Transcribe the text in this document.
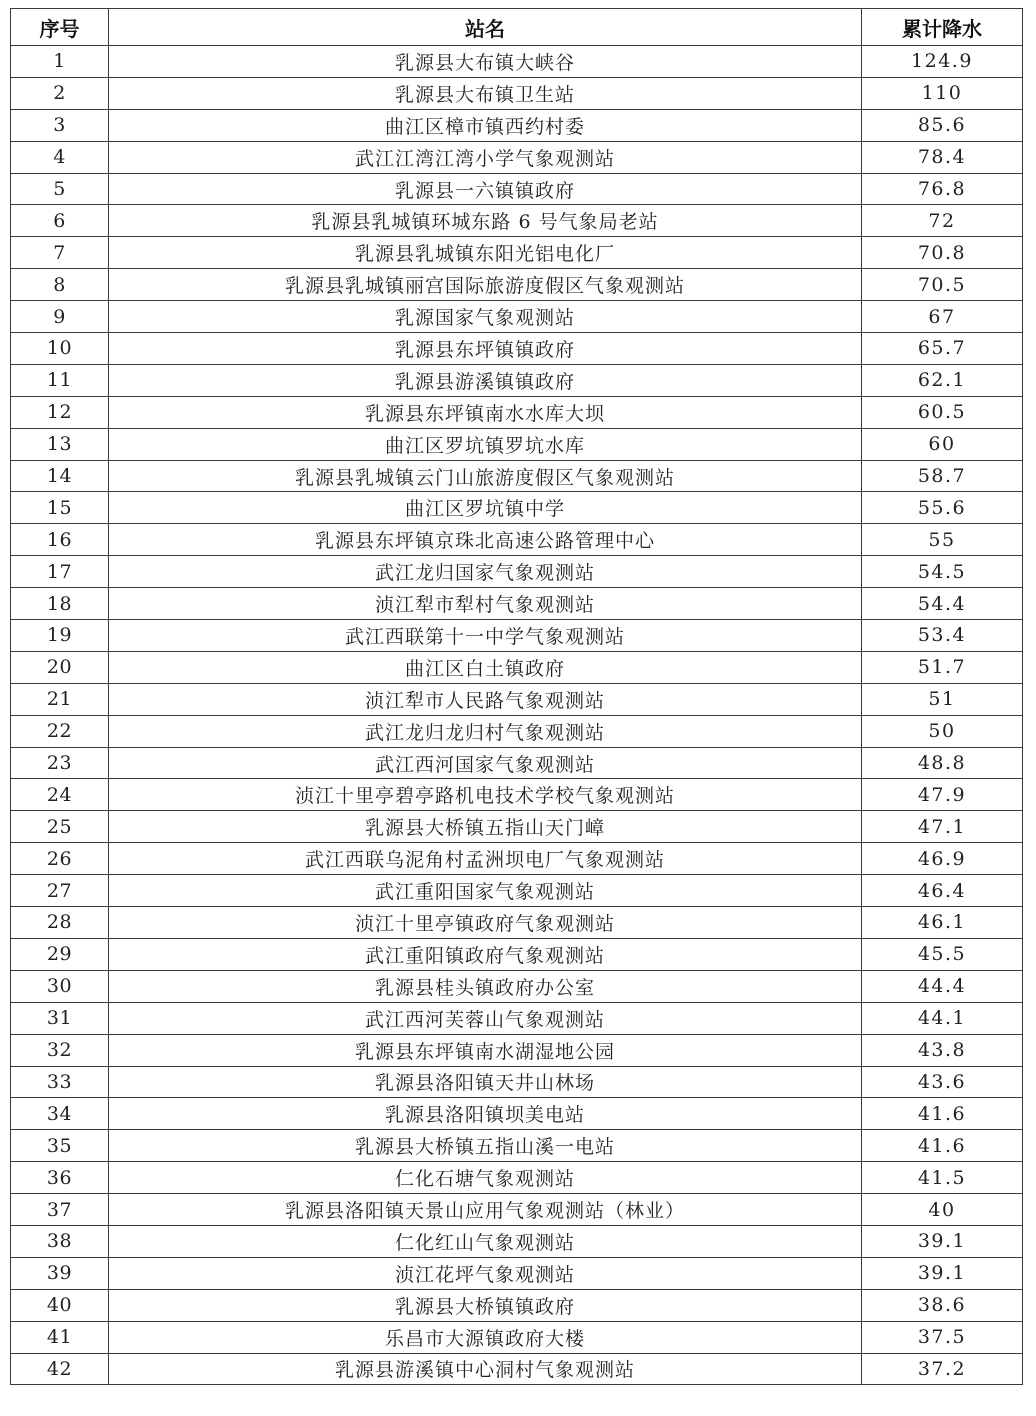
序号	站名	累计降水
1	乳源县大布镇大峡谷	124.9
2	乳源县大布镇卫生站	110
3	曲江区樟市镇西约村委	85.6
4	武江江湾江湾小学气象观测站	78.4
5	乳源县一六镇镇政府	76.8
6	乳源县乳城镇环城东路 6 号气象局老站	72
7	乳源县乳城镇东阳光铝电化厂	70.8
8	乳源县乳城镇丽宫国际旅游度假区气象观测站	70.5
9	乳源国家气象观测站	67
10	乳源县东坪镇镇政府	65.7
11	乳源县游溪镇镇政府	62.1
12	乳源县东坪镇南水水库大坝	60.5
13	曲江区罗坑镇罗坑水库	60
14	乳源县乳城镇云门山旅游度假区气象观测站	58.7
15	曲江区罗坑镇中学	55.6
16	乳源县东坪镇京珠北高速公路管理中心	55
17	武江龙归国家气象观测站	54.5
18	浈江犁市犁村气象观测站	54.4
19	武江西联第十一中学气象观测站	53.4
20	曲江区白土镇政府	51.7
21	浈江犁市人民路气象观测站	51
22	武江龙归龙归村气象观测站	50
23	武江西河国家气象观测站	48.8
24	浈江十里亭碧亭路机电技术学校气象观测站	47.9
25	乳源县大桥镇五指山天门嶂	47.1
26	武江西联乌泥角村孟洲坝电厂气象观测站	46.9
27	武江重阳国家气象观测站	46.4
28	浈江十里亭镇政府气象观测站	46.1
29	武江重阳镇政府气象观测站	45.5
30	乳源县桂头镇政府办公室	44.4
31	武江西河芙蓉山气象观测站	44.1
32	乳源县东坪镇南水湖湿地公园	43.8
33	乳源县洛阳镇天井山林场	43.6
34	乳源县洛阳镇坝美电站	41.6
35	乳源县大桥镇五指山溪一电站	41.6
36	仁化石塘气象观测站	41.5
37	乳源县洛阳镇天景山应用气象观测站（林业）	40
38	仁化红山气象观测站	39.1
39	浈江花坪气象观测站	39.1
40	乳源县大桥镇镇政府	38.6
41	乐昌市大源镇政府大楼	37.5
42	乳源县游溪镇中心洞村气象观测站	37.2
